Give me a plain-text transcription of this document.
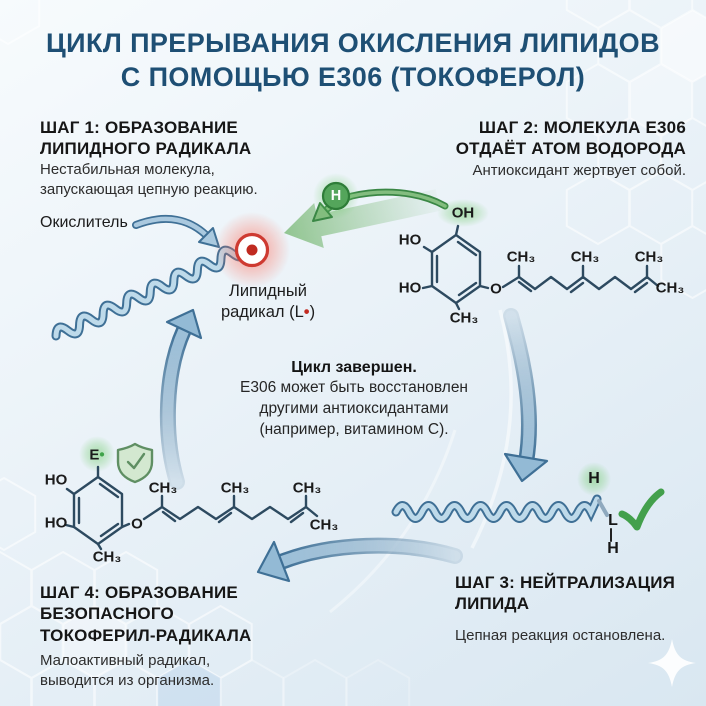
ЦИКЛ ПРЕРЫВАНИЯ ОКИСЛЕНИЯ ЛИПИДОВ
С ПОМОЩЬЮ Е306 (ТОКОФЕРОЛ)
ШАГ 1: ОБРАЗОВАНИЕ
ЛИПИДНОГО РАДИКАЛА
Нестабильная молекула,
запускающая цепную реакцию.
Окислитель
Липидный
радикал (L•)
ШАГ 2: МОЛЕКУЛА Е306
ОТДАЁТ АТОМ ВОДОРОДА
Антиоксидант жертвует собой.
H
Цикл завершен.
Е306 может быть восстановлен
другими антиоксидантами
(например, витамином С).
ШАГ 3: НЕЙТРАЛИЗАЦИЯ
ЛИПИДА
Цепная реакция остановлена.
H
L
H
ШАГ 4: ОБРАЗОВАНИЕ
БЕЗОПАСНОГО
ТОКОФЕРИЛ-РАДИКАЛА
Малоактивный радикал,
выводится из организма.
OH
HO
HO
CH₃
O
CH₃ CH₃ CH₃
CH₃
E•
HO
HO
CH₃
O
CH₃	CH₃	CH₃
CH₃
